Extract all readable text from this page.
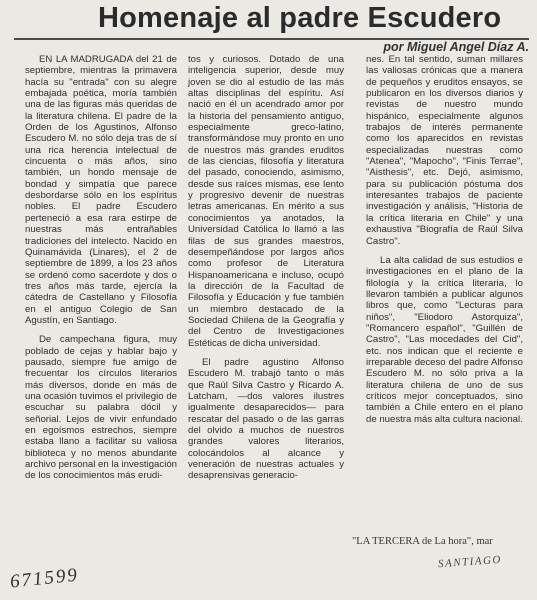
Homenaje al padre Escudero
por Miguel Angel Díaz A.

EN LA MADRUGADA del 21 de septiembre, mientras la primavera hacía su "entrada" con su alegre embajada poética, moría también una de las figuras más queridas de la literatura chilena. El padre de la Orden de los Agustinos, Alfonso Escudero M. no sólo deja tras de sí una rica herencia intelectual de cincuenta o más años, sino también, un hondo mensaje de bondad y simpatía que parece desbordarse sólo en los espíritus nobles. El padre Escudero perteneció a esa rara estirpe de nuestras más entrañables tradiciones del intelecto. Nacido en Quinamávida (Linares), el 2 de septiembre de 1899, a los 23 años se ordenó como sacerdote y dos o tres años más tarde, ejercía la cátedra de Castellano y Filosofía en el antiguo Colegio de San Agustín, en Santiago.

De campechana figura, muy poblado de cejas y hablar bajo y pausado, siempre fue amigo de frecuentar los círculos literarios más diversos, donde en más de una ocasión tuvimos el privilegio de escuchar su palabra dócil y señorial. Lejos de vivir enfundado en egoísmos estrechos, siempre estaba llano a facilitar su valiosa biblioteca y no menos abundante archivo personal en la investigación de los conocimientos más erudi-

tos y curiosos. Dotado de una inteligencia superior, desde muy joven se dio al estudio de las más altas disciplinas del espíritu. Así nació en él un acendrado amor por la historia del pensamiento antiguo, especialmente greco-latino, transformándose muy pronto en uno de nuestros más grandes eruditos de las ciencias, filosofía y literatura del pasado, conociendo, asimismo, desde sus raíces mismas, ese lento y progresivo devenir de nuestras letras americanas. En mérito a sus conocimientos ya anotados, la Universidad Católica lo llamó a las filas de sus grandes maestros, desempeñándose por largos años como profesor de Literatura Hispanoamericana e incluso, ocupó la dirección de la Facultad de Filosofía y Educación y fue también un miembro destacado de la Sociedad Chilena de la Geografía y del Centro de Investigaciones Estéticas de dicha universidad.

El padre agustino Alfonso Escudero M. trabajó tanto o más que Raúl Silva Castro y Ricardo A. Latcham, —dos valores ilustres igualmente desaparecidos— para rescatar del pasado o de las garras del olvido a muchos de nuestros grandes valores literarios, colocándolos al alcance y veneración de nuestras actuales y desaprensivas generacio-

nes. En tal sentido, suman millares las valiosas crónicas que a manera de pequeños y eruditos ensayos, se publicaron en los diversos diarios y revistas de nuestro mundo hispánico, especialmente algunos trabajos de interés permanente como los aparecidos en revistas especializadas nuestras como "Atenea", "Mapocho", "Finis Terrae", "Aisthesis", etc. Dejó, asimismo, para su publicación póstuma dos interesantes trabajos de paciente investigación y análisis, "Historia de la crítica literaria en Chile" y una exhaustiva "Biografía de Raúl Silva Castro".

La alta calidad de sus estudios e investigaciones en el plano de la filología y la crítica literaria, lo llevaron también a publicar algunos libros que, como "Lecturas para niños", "Eliodoro Astorquiza", "Romancero español", "Guillén de Castro", "Las mocedades del Cid", etc. nos indican que el reciente e irreparable deceso del padre Alfonso Escudero M. no sólo priva a la literatura chilena de uno de sus críticos mejor conceptuados, sino también a Chile entero en el plano de nuestra más alta cultura nacional.

"LA TERCERA de La hora", mar
SANTIAGO
671599
